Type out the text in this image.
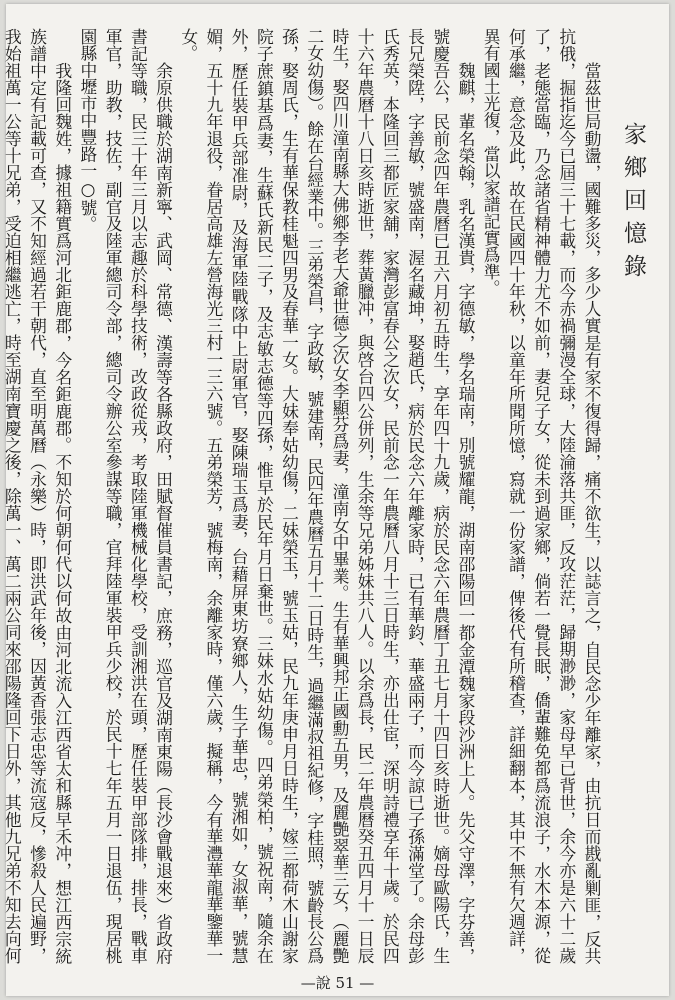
家鄉回憶錄

當茲世局動盪，國難多災，多少人實是有家不復得歸，痛不欲生，以誌言之，自民念少年離家，由抗日而戡亂剿匪，反共抗俄，掘指迄今已屆三十七載，而今赤禍彌漫全球，大陸淪落共匪，反攻茫茫，歸期渺渺，家母早已背世，余今亦是六十二歲了，老態當臨，乃念諸省精神體力尤不如前，妻兒子女，從未到過家鄉，倘若一覺長眠，僑輩難免都爲流浪子，水木本源，從何承繼，意念及此，故在民國四十年秋，以童年所聞所憶，寫就一份家譜，俾後代有所稽查，詳細翻本，其中不無有欠週詳，異有國土光復，當以家譜記實爲準。

魏麒，輩名榮翰，乳名漢貴，字德敏，學名瑞南，別號耀龍，湖南邵陽回一都金潭魏家段沙洲上人。先父守澤，字芬善，號慶吾公，民前念四年農曆已丑六月初五時生，享年四十九歲，病於民念六年農曆丁丑七月十四日亥時逝世。嫡母歐陽氏，生長兄榮陞，字善敏，號盛南，渥名藏坤，娶趙氏，病於民念六年離家時，已有華鈞、華盛兩子，而今諒已子孫滿堂了。余母彭氏秀英，本隆回三都匠家舖，家灣彭富春公之次女，民前念一年農曆八月十三日時生，亦出仕宦，深明詩禮享年十歲。於民四十六年農曆十八日亥時逝世，葬黃臘冲，與啓台四公併列，生余等兄弟姊妹共八人。以余爲長，民二年農曆癸丑四月十一日辰時生，娶四川潼南縣大佛鄉李老大爺世德之次女李顯芬爲妻，潼南女中畢業。生有華興邦正國勳五男，及麗艷翠華三女，（麗艷二女幼傷）。餘在台經業中。三弟榮昌，字政敏，號建南，民四年農曆五月十二日時生，過繼滿叔祖紀修，字桂照，號齡長公爲孫，娶周氏，生有華保教桂魁四男及春華一女。大妹奉姑幼傷，二妹榮玉，號玉姑，民九年庚申月日時生，嫁三都荷木山謝家院子蔗鎮基爲妻，生蘇氏新民二子，及志敏志德等四孫，惟早於民年月日棄世。三妹水姑幼傷。四弟榮柏，號祝南，隨余在外，歷任裝甲兵部准尉，及海軍陸戰隊中上尉軍官，娶陳瑞玉爲妻，台藉屏東坊寮鄉人，生子華忠，號湘如，女淑華，號慧媚，五十九年退役，眷居高雄左營海光三村一三六號。五弟榮芳，號梅南，余離家時，僅六歲，擬稱，今有華灃華龍華鑒華一女。

余原供職於湖南新寧、武岡、常德、漢壽等各縣政府，田賦督催員書記，庶務，巡官及湖南東陽（長沙會戰退來）省政府書記等職，民三十年三月以志趣於科學技術，改政從戎，考取陸軍機械化學校，受訓湘洪在頭，歷任裝甲部隊排，排長，戰車軍官，助教，技佐，副官及陸軍總司令部，總司令辦公室參謀等職，官拜陸軍裝甲兵少校，於民十七年五月一日退伍，現居桃園縣中壢市中豐路一○號。

我隆回魏姓，據祖籍實爲河北鉅鹿郡，今名鉅鹿郡。不知於何朝何代以何故由河北流入江西省太和縣早禾冲，想江西宗統族譜中定有記載可查，又不知經過若干朝代，直至明萬曆（永樂）時，即洪武年後，因黃香張志忠等流寇反，慘殺人民遍野，我始祖萬一公等十兄弟，受迫相繼逃亡，時至湖南寶慶之後，除萬一、萬二兩公同來邵陽隆回下日外，其他九兄弟不知去向何

—說 51 —
